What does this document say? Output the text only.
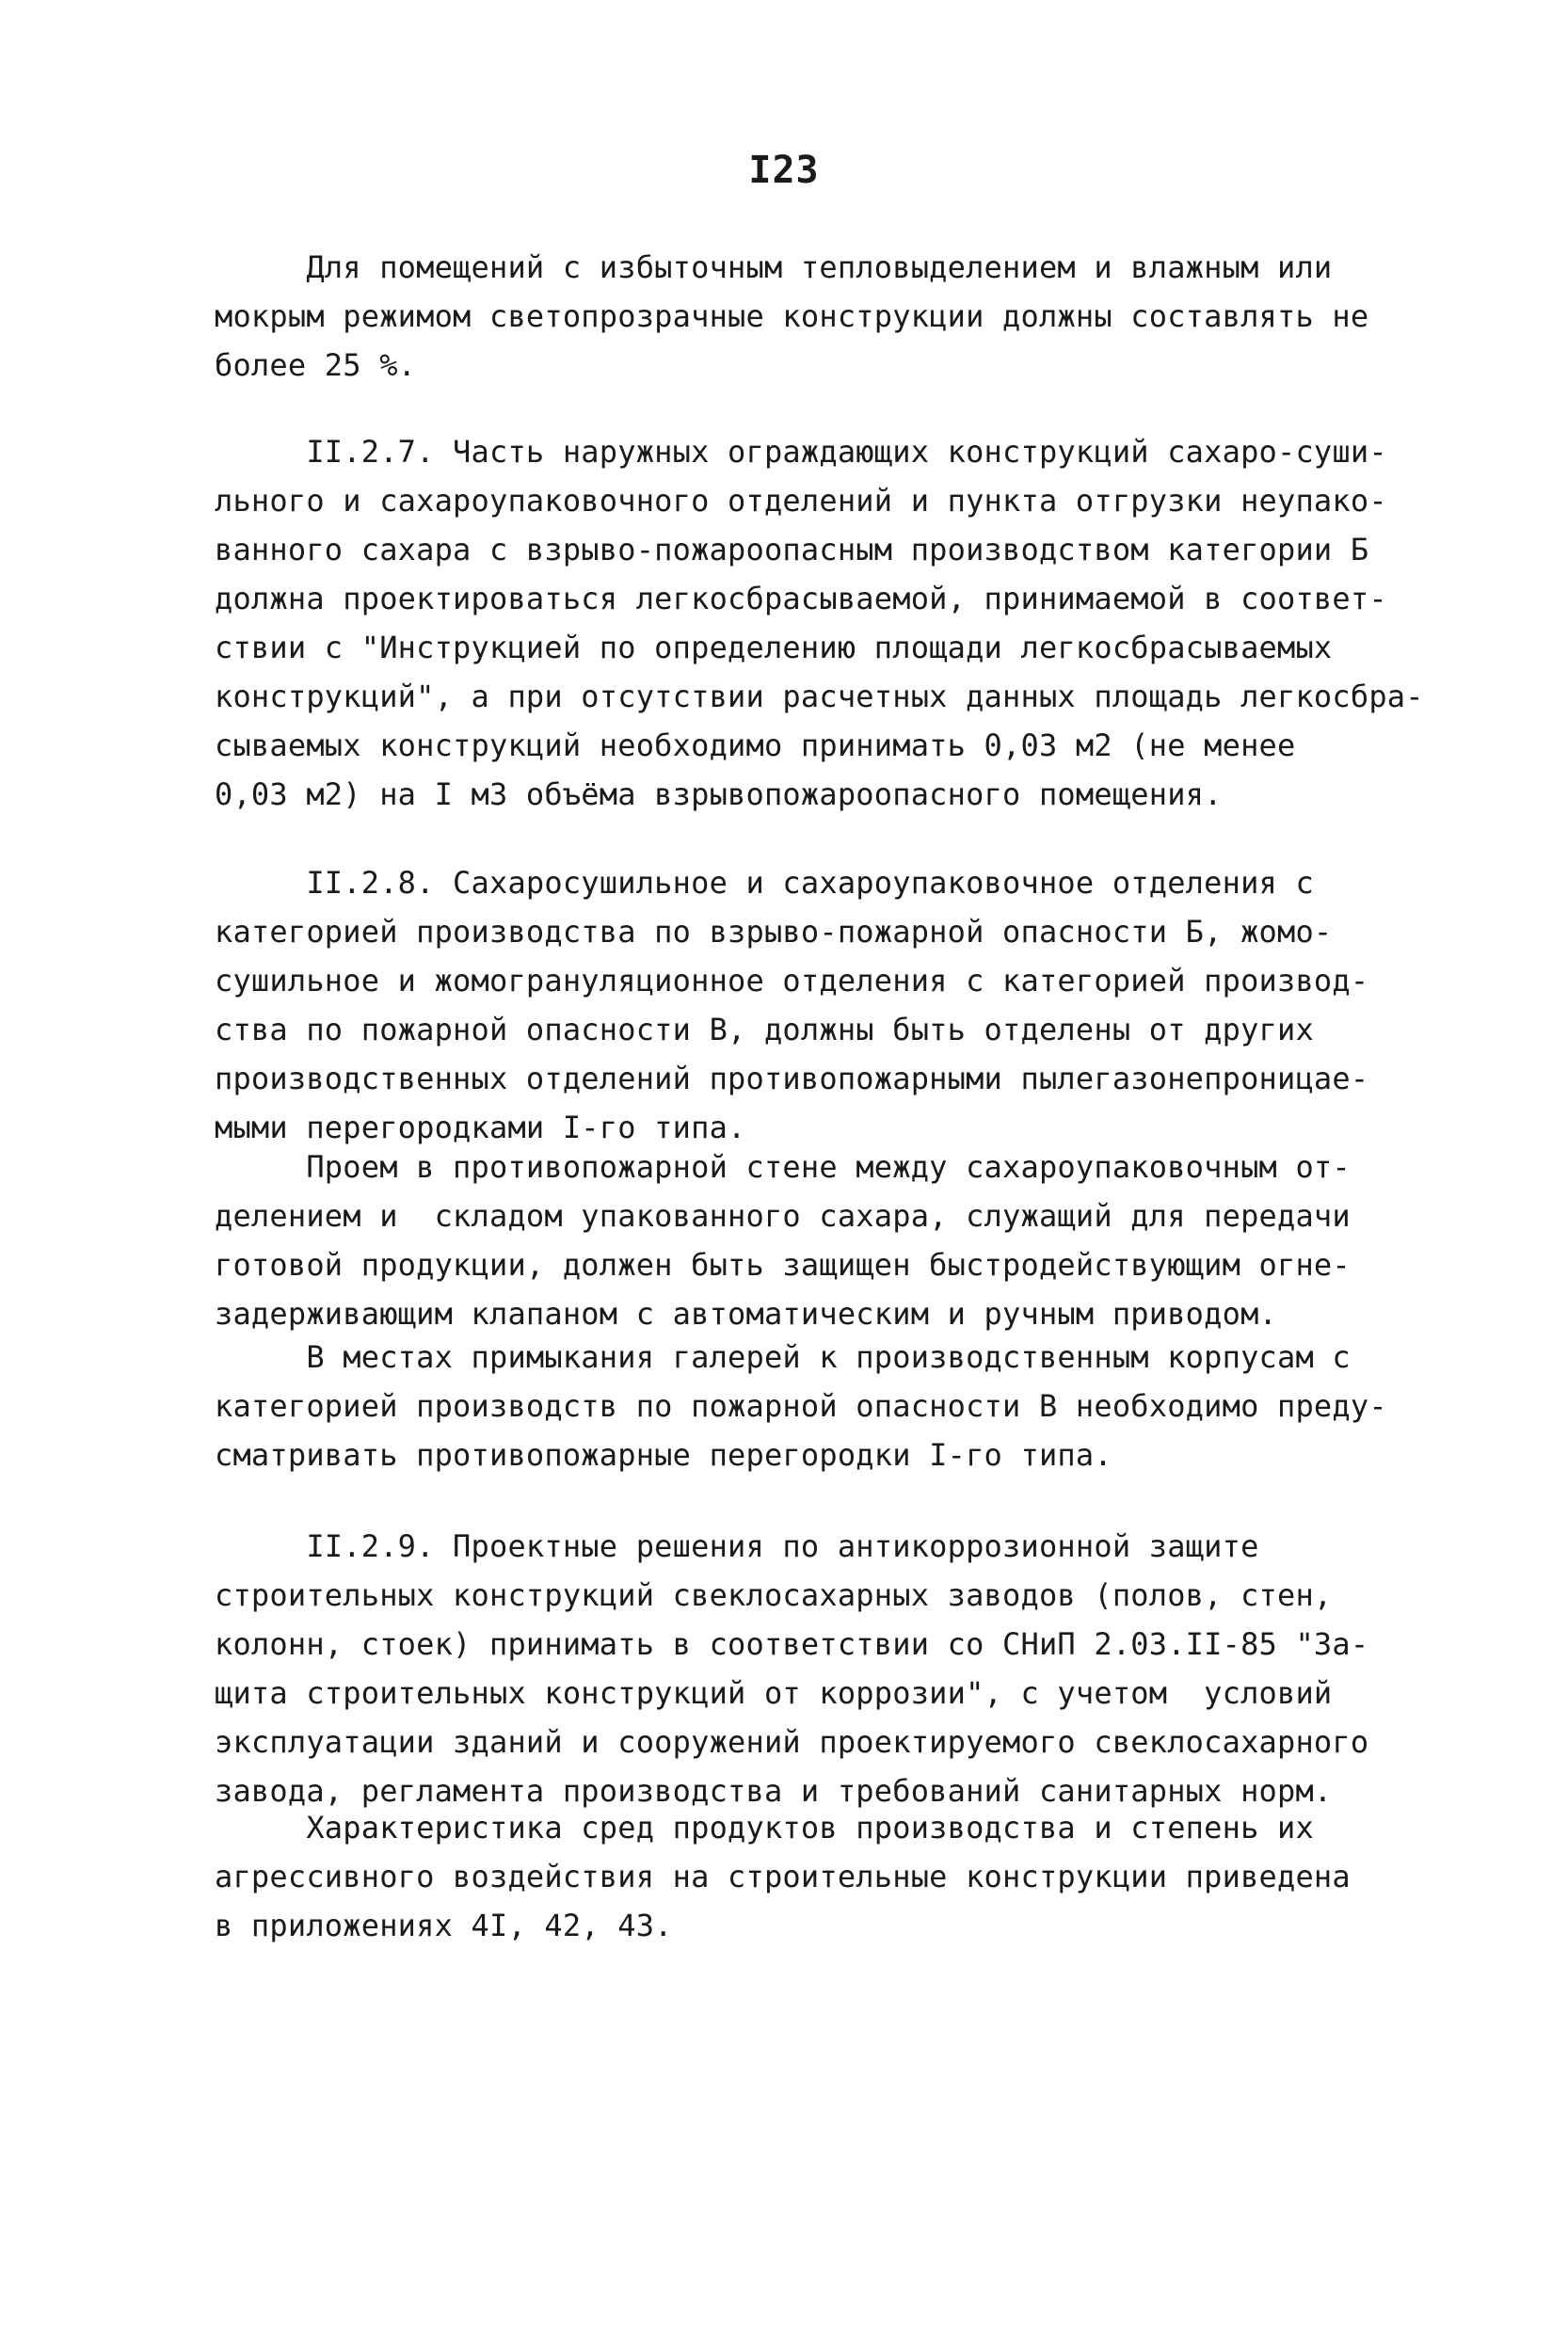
I23
Для помещений с избыточным тепловыделением и влажным или
мокрым режимом светопрозрачные конструкции должны составлять не
более 25 %.
II.2.7. Часть наружных ограждающих конструкций сахаро-суши-
льного и сахароупаковочного отделений и пункта отгрузки неупако-
ванного сахара с взрыво-пожароопасным производством категории Б
должна проектироваться легкосбрасываемой, принимаемой в соответ-
ствии с "Инструкцией по определению площади легкосбрасываемых
конструкций", а при отсутствии расчетных данных площадь легкосбра-
сываемых конструкций необходимо принимать 0,03 м2 (не менее
0,03 м2) на I м3 объёма взрывопожароопасного помещения.
II.2.8. Сахаросушильное и сахароупаковочное отделения с
категорией производства по взрыво-пожарной опасности Б, жомо-
сушильное и жомогрануляционное отделения с категорией производ-
ства по пожарной опасности В, должны быть отделены от других
производственных отделений противопожарными пылегазонепроницае-
мыми перегородками I-го типа.
Проем в противопожарной стене между сахароупаковочным от-
делением и  складом упакованного сахара, служащий для передачи
готовой продукции, должен быть защищен быстродействующим огне-
задерживающим клапаном с автоматическим и ручным приводом.
В местах примыкания галерей к производственным корпусам с
категорией производств по пожарной опасности В необходимо преду-
сматривать противопожарные перегородки I-го типа.
II.2.9. Проектные решения по антикоррозионной защите
строительных конструкций свеклосахарных заводов (полов, стен,
колонн, стоек) принимать в соответствии со СНиП 2.03.II-85 "За-
щита строительных конструкций от коррозии", с учетом  условий
эксплуатации зданий и сооружений проектируемого свеклосахарного
завода, регламента производства и требований санитарных норм.
Характеристика сред продуктов производства и степень их
агрессивного воздействия на строительные конструкции приведена
в приложениях 4I, 42, 43.
